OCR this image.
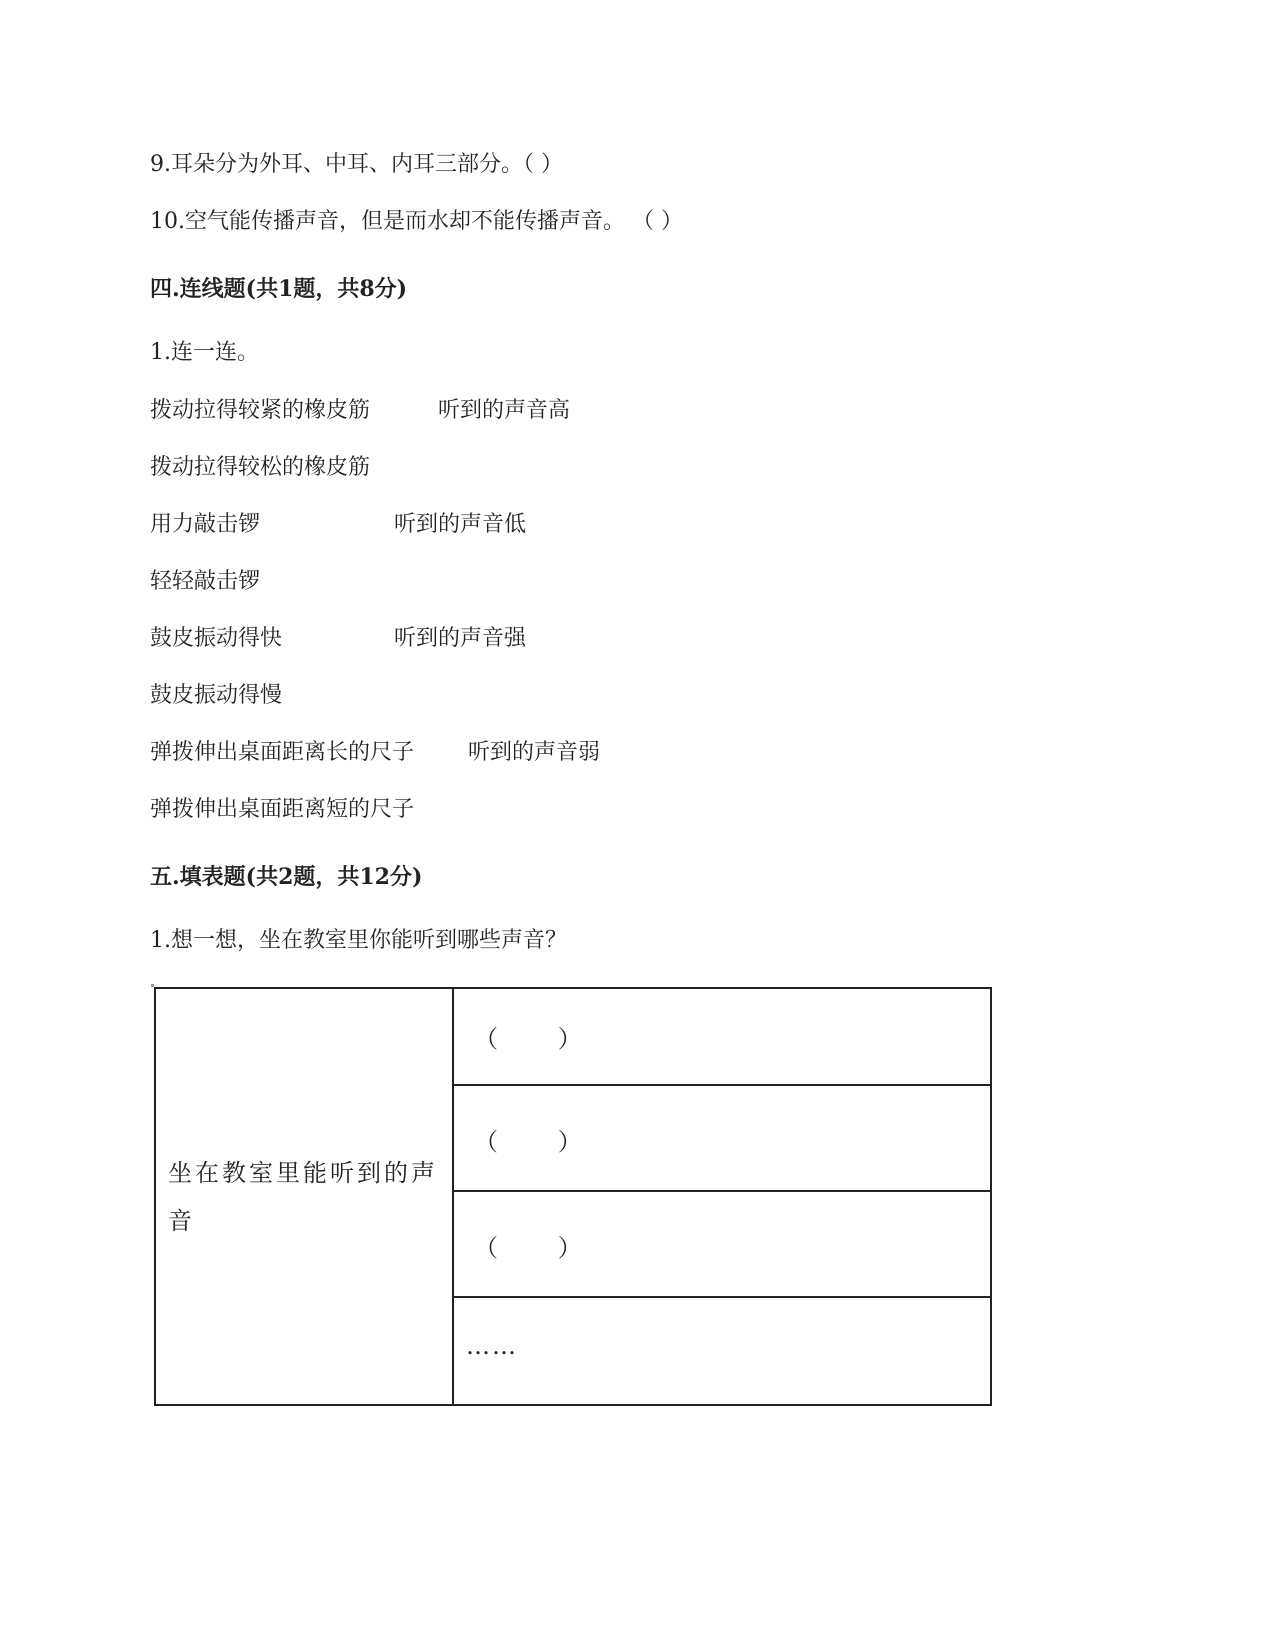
9.耳朵分为外耳、中耳、内耳三部分。（ ）
10.空气能传播声音，但是而水却不能传播声音。 （ ）
四.连线题(共1题，共8分)
1.连一连。
拨动拉得较紧的橡皮筋	听到的声音高
拨动拉得较松的橡皮筋
用力敲击锣	听到的声音低
轻轻敲击锣
鼓皮振动得快	听到的声音强
鼓皮振动得慢
弹拨伸出桌面距离长的尺子 听到的声音弱
弹拨伸出桌面距离短的尺子
五.填表题(共2题，共12分)
1.想一想，坐在教室里你能听到哪些声音？
坐在教室里能听到的声音
（      ）
（      ）
（      ）
……
